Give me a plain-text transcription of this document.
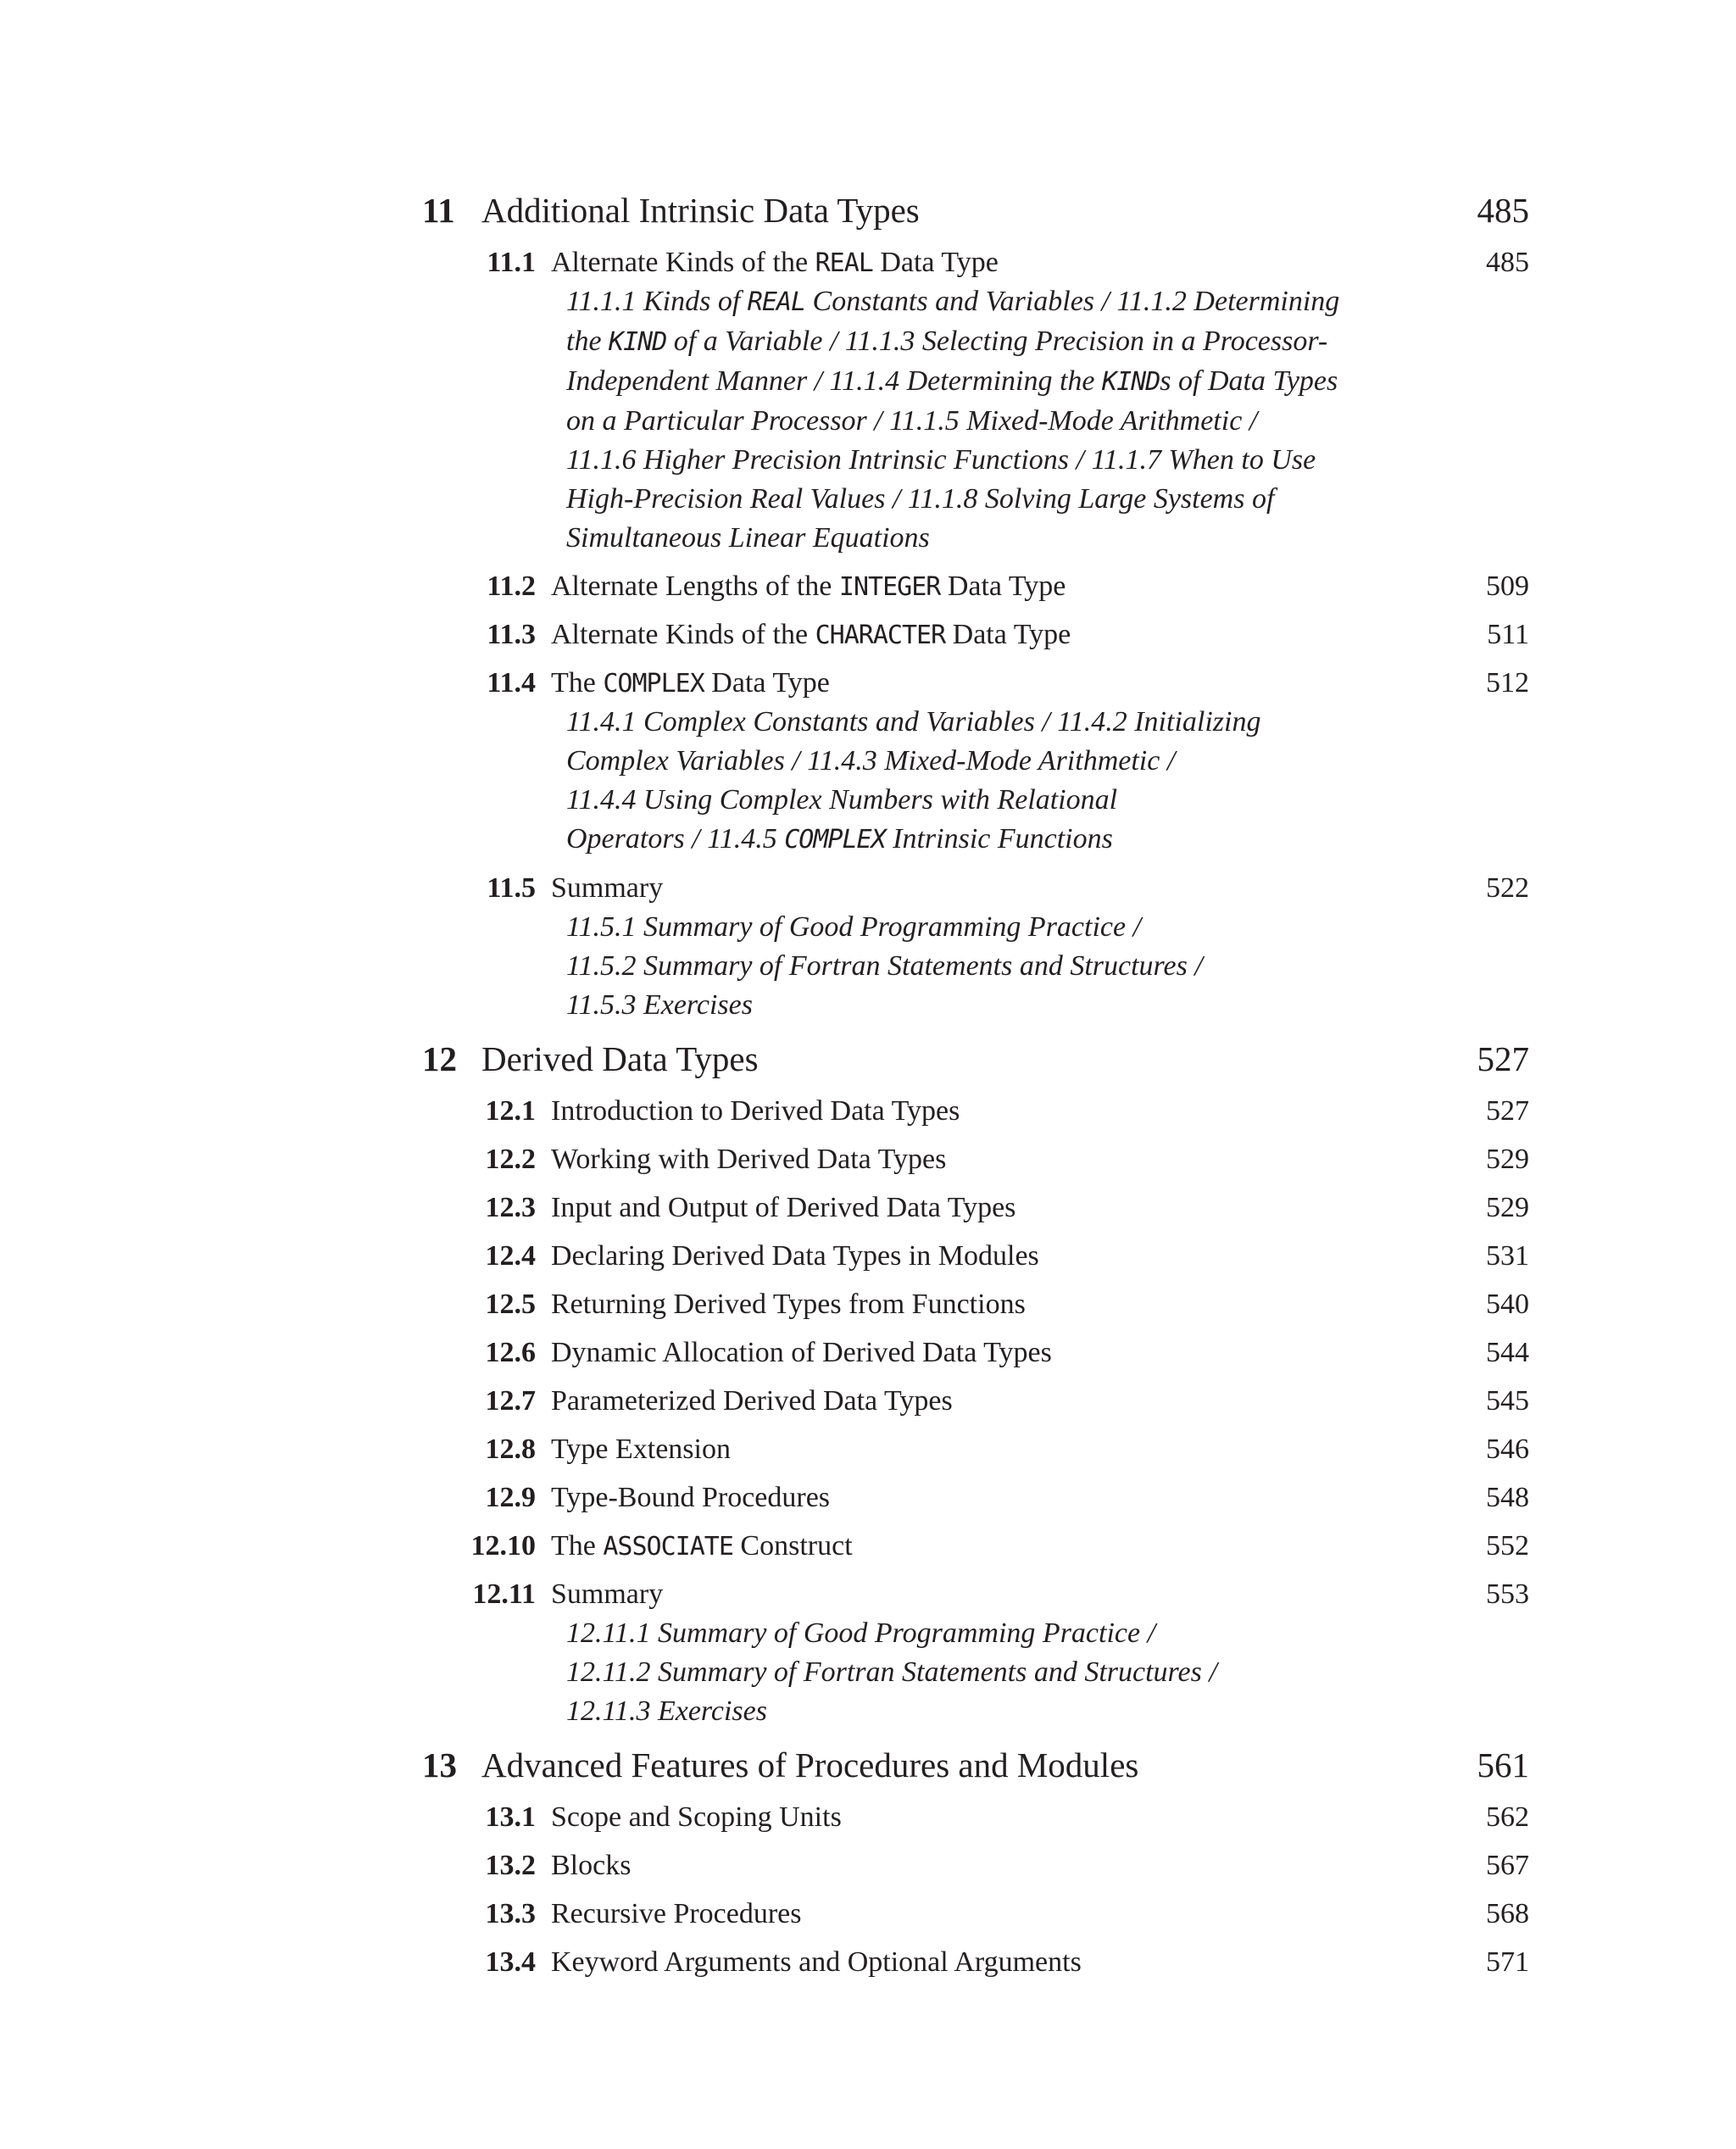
11 Additional Intrinsic Data Types	485
11.1 Alternate Kinds of the REAL Data Type	485
11.1.1 Kinds of REAL Constants and Variables / 11.1.2 Determining
the KIND of a Variable / 11.1.3 Selecting Precision in a Processor-
Independent Manner / 11.1.4 Determining the KINDs of Data Types
on a Particular Processor / 11.1.5 Mixed-Mode Arithmetic /
11.1.6 Higher Precision Intrinsic Functions / 11.1.7 When to Use
High-Precision Real Values / 11.1.8 Solving Large Systems of
Simultaneous Linear Equations
11.2 Alternate Lengths of the INTEGER Data Type	509
11.3 Alternate Kinds of the CHARACTER Data Type	511
11.4 The COMPLEX Data Type	512
11.4.1 Complex Constants and Variables / 11.4.2 Initializing
Complex Variables / 11.4.3 Mixed-Mode Arithmetic /
11.4.4 Using Complex Numbers with Relational
Operators / 11.4.5 COMPLEX Intrinsic Functions
11.5 Summary	522
11.5.1 Summary of Good Programming Practice /
11.5.2 Summary of Fortran Statements and Structures /
11.5.3 Exercises
12 Derived Data Types	527
12.1 Introduction to Derived Data Types	527
12.2 Working with Derived Data Types	529
12.3 Input and Output of Derived Data Types	529
12.4 Declaring Derived Data Types in Modules	531
12.5 Returning Derived Types from Functions	540
12.6 Dynamic Allocation of Derived Data Types	544
12.7 Parameterized Derived Data Types	545
12.8 Type Extension	546
12.9 Type-Bound Procedures	548
12.10 The ASSOCIATE Construct	552
12.11 Summary	553
12.11.1 Summary of Good Programming Practice /
12.11.2 Summary of Fortran Statements and Structures /
12.11.3 Exercises
13 Advanced Features of Procedures and Modules	561
13.1 Scope and Scoping Units	562
13.2 Blocks	567
13.3 Recursive Procedures	568
13.4 Keyword Arguments and Optional Arguments	571
